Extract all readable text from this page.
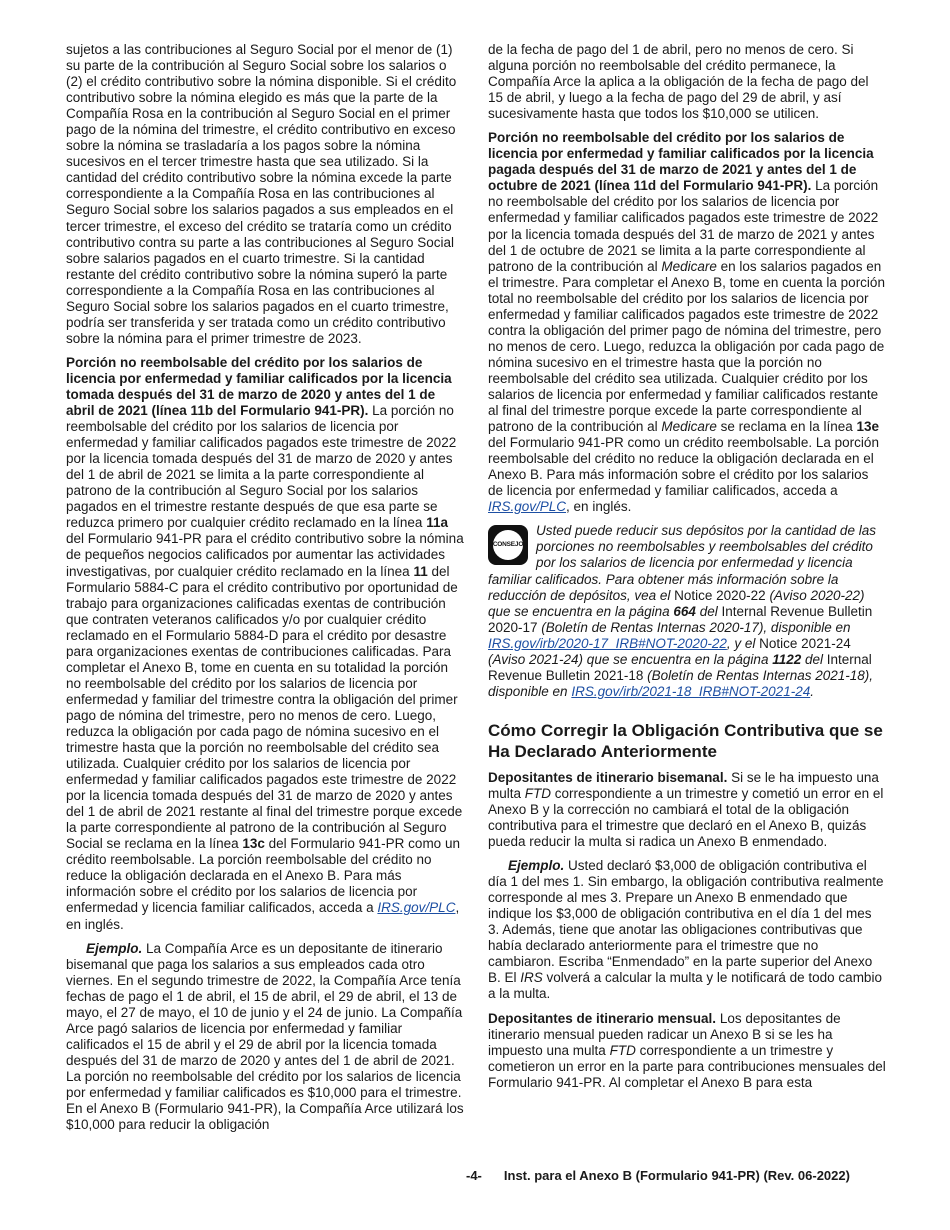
sujetos a las contribuciones al Seguro Social por el menor de (1) su parte de la contribución al Seguro Social sobre los salarios o (2) el crédito contributivo sobre la nómina disponible. Si el crédito contributivo sobre la nómina elegido es más que la parte de la Compañía Rosa en la contribución al Seguro Social en el primer pago de la nómina del trimestre, el crédito contributivo en exceso sobre la nómina se trasladaría a los pagos sobre la nómina sucesivos en el tercer trimestre hasta que sea utilizado. Si la cantidad del crédito contributivo sobre la nómina excede la parte correspondiente a la Compañía Rosa en las contribuciones al Seguro Social sobre los salarios pagados a sus empleados en el tercer trimestre, el exceso del crédito se trataría como un crédito contributivo contra su parte a las contribuciones al Seguro Social sobre salarios pagados en el cuarto trimestre. Si la cantidad restante del crédito contributivo sobre la nómina superó la parte correspondiente a la Compañía Rosa en las contribuciones al Seguro Social sobre los salarios pagados en el cuarto trimestre, podría ser transferida y ser tratada como un crédito contributivo sobre la nómina para el primer trimestre de 2023.

Porción no reembolsable del crédito por los salarios de licencia por enfermedad y familiar calificados por la licencia tomada después del 31 de marzo de 2020 y antes del 1 de abril de 2021 (línea 11b del Formulario 941-PR). La porción no reembolsable del crédito por los salarios de licencia por enfermedad y familiar calificados pagados este trimestre de 2022 por la licencia tomada después del 31 de marzo de 2020 y antes del 1 de abril de 2021 se limita a la parte correspondiente al patrono de la contribución al Seguro Social por los salarios pagados en el trimestre restante después de que esa parte se reduzca primero por cualquier crédito reclamado en la línea 11a del Formulario 941-PR para el crédito contributivo sobre la nómina de pequeños negocios calificados por aumentar las actividades investigativas, por cualquier crédito reclamado en la línea 11 del Formulario 5884-C para el crédito contributivo por oportunidad de trabajo para organizaciones calificadas exentas de contribución que contraten veteranos calificados y/o por cualquier crédito reclamado en el Formulario 5884-D para el crédito por desastre para organizaciones exentas de contribuciones calificadas. Para completar el Anexo B, tome en cuenta en su totalidad la porción no reembolsable del crédito por los salarios de licencia por enfermedad y familiar del trimestre contra la obligación del primer pago de nómina del trimestre, pero no menos de cero. Luego, reduzca la obligación por cada pago de nómina sucesivo en el trimestre hasta que la porción no reembolsable del crédito sea utilizada. Cualquier crédito por los salarios de licencia por enfermedad y familiar calificados pagados este trimestre de 2022 por la licencia tomada después del 31 de marzo de 2020 y antes del 1 de abril de 2021 restante al final del trimestre porque excede la parte correspondiente al patrono de la contribución al Seguro Social se reclama en la línea 13c del Formulario 941-PR como un crédito reembolsable. La porción reembolsable del crédito no reduce la obligación declarada en el Anexo B. Para más información sobre el crédito por los salarios de licencia por enfermedad y licencia familiar calificados, acceda a IRS.gov/PLC, en inglés.

Ejemplo. La Compañía Arce es un depositante de itinerario bisemanal que paga los salarios a sus empleados cada otro viernes. En el segundo trimestre de 2022, la Compañía Arce tenía fechas de pago el 1 de abril, el 15 de abril, el 29 de abril, el 13 de mayo, el 27 de mayo, el 10 de junio y el 24 de junio. La Compañía Arce pagó salarios de licencia por enfermedad y familiar calificados el 15 de abril y el 29 de abril por la licencia tomada después del 31 de marzo de 2020 y antes del 1 de abril de 2021. La porción no reembolsable del crédito por los salarios de licencia por enfermedad y familiar calificados es $10,000 para el trimestre. En el Anexo B (Formulario 941-PR), la Compañía Arce utilizará los $10,000 para reducir la obligación

de la fecha de pago del 1 de abril, pero no menos de cero. Si alguna porción no reembolsable del crédito permanece, la Compañía Arce la aplica a la obligación de la fecha de pago del 15 de abril, y luego a la fecha de pago del 29 de abril, y así sucesivamente hasta que todos los $10,000 se utilicen.

Porción no reembolsable del crédito por los salarios de licencia por enfermedad y familiar calificados por la licencia pagada después del 31 de marzo de 2021 y antes del 1 de octubre de 2021 (línea 11d del Formulario 941-PR). La porción no reembolsable del crédito por los salarios de licencia por enfermedad y familiar calificados pagados este trimestre de 2022 por la licencia tomada después del 31 de marzo de 2021 y antes del 1 de octubre de 2021 se limita a la parte correspondiente al patrono de la contribución al Medicare en los salarios pagados en el trimestre. Para completar el Anexo B, tome en cuenta la porción total no reembolsable del crédito por los salarios de licencia por enfermedad y familiar calificados pagados este trimestre de 2022 contra la obligación del primer pago de nómina del trimestre, pero no menos de cero. Luego, reduzca la obligación por cada pago de nómina sucesivo en el trimestre hasta que la porción no reembolsable del crédito sea utilizada. Cualquier crédito por los salarios de licencia por enfermedad y familiar calificados restante al final del trimestre porque excede la parte correspondiente al patrono de la contribución al Medicare se reclama en la línea 13e del Formulario 941-PR como un crédito reembolsable. La porción reembolsable del crédito no reduce la obligación declarada en el Anexo B. Para más información sobre el crédito por los salarios de licencia por enfermedad y familiar calificados, acceda a IRS.gov/PLC, en inglés.

CONSEJO
Usted puede reducir sus depósitos por la cantidad de las porciones no reembolsables y reembolsables del crédito por los salarios de licencia por enfermedad y licencia familiar calificados. Para obtener más información sobre la reducción de depósitos, vea el Notice 2020-22 (Aviso 2020-22) que se encuentra en la página 664 del Internal Revenue Bulletin 2020-17 (Boletín de Rentas Internas 2020-17), disponible en IRS.gov/irb/2020-17_IRB#NOT-2020-22, y el Notice 2021-24 (Aviso 2021-24) que se encuentra en la página 1122 del Internal Revenue Bulletin 2021-18 (Boletín de Rentas Internas 2021-18), disponible en IRS.gov/irb/2021-18_IRB#NOT-2021-24.
Cómo Corregir la Obligación Contributiva que se Ha Declarado Anteriormente

Depositantes de itinerario bisemanal. Si se le ha impuesto una multa FTD correspondiente a un trimestre y cometió un error en el Anexo B y la corrección no cambiará el total de la obligación contributiva para el trimestre que declaró en el Anexo B, quizás pueda reducir la multa si radica un Anexo B enmendado.

Ejemplo. Usted declaró $3,000 de obligación contributiva el día 1 del mes 1. Sin embargo, la obligación contributiva realmente corresponde al mes 3. Prepare un Anexo B enmendado que indique los $3,000 de obligación contributiva en el día 1 del mes 3. Además, tiene que anotar las obligaciones contributivas que había declarado anteriormente para el trimestre que no cambiaron. Escriba “Enmendado” en la parte superior del Anexo B. El IRS volverá a calcular la multa y le notificará de todo cambio a la multa.

Depositantes de itinerario mensual. Los depositantes de itinerario mensual pueden radicar un Anexo B si se les ha impuesto una multa FTD correspondiente a un trimestre y cometieron un error en la parte para contribuciones mensuales del Formulario 941-PR. Al completar el Anexo B para esta

-4- Inst. para el Anexo B (Formulario 941-PR) (Rev. 06-2022)
